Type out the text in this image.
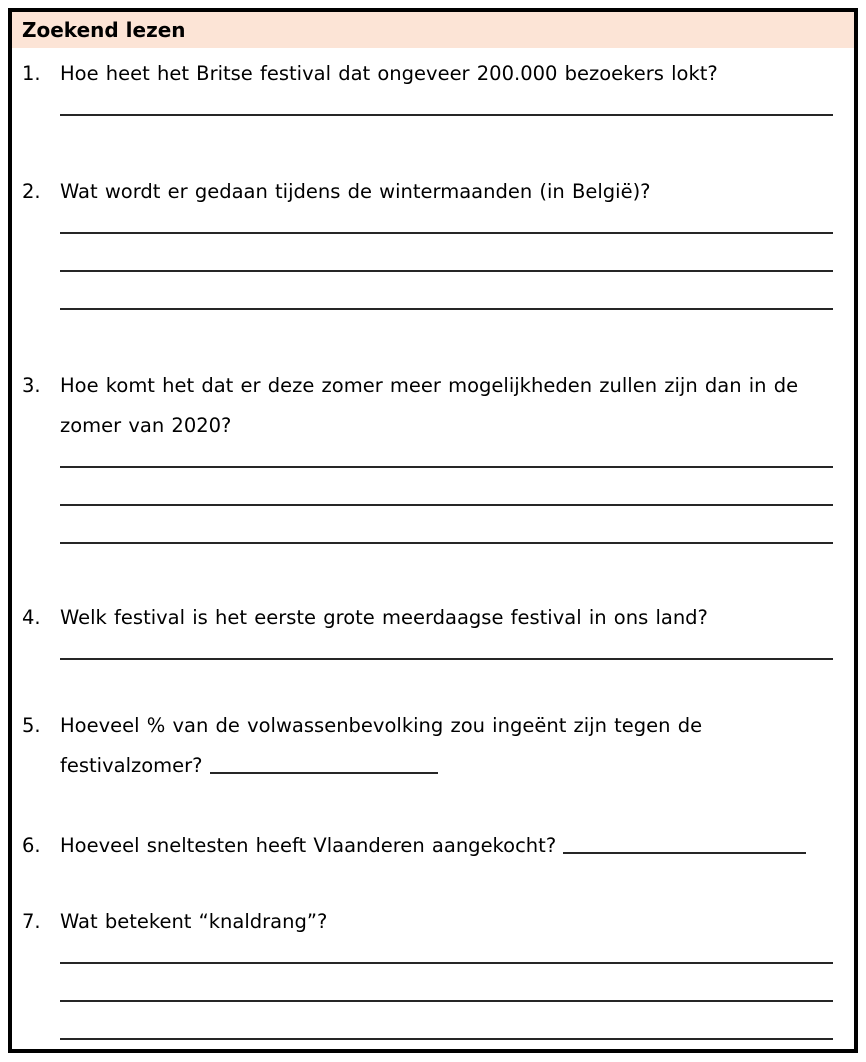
Zoekend lezen
1. Hoe heet het Britse festival dat ongeveer 200.000 bezoekers lokt?
2. Wat wordt er gedaan tijdens de wintermaanden (in België)?
3. Hoe komt het dat er deze zomer meer mogelijkheden zullen zijn dan in de zomer van 2020?
4. Welk festival is het eerste grote meerdaagse festival in ons land?
5. Hoeveel % van de volwassenbevolking zou ingeënt zijn tegen de festivalzomer?
6. Hoeveel sneltesten heeft Vlaanderen aangekocht?
7. Wat betekent “knaldrang”?
